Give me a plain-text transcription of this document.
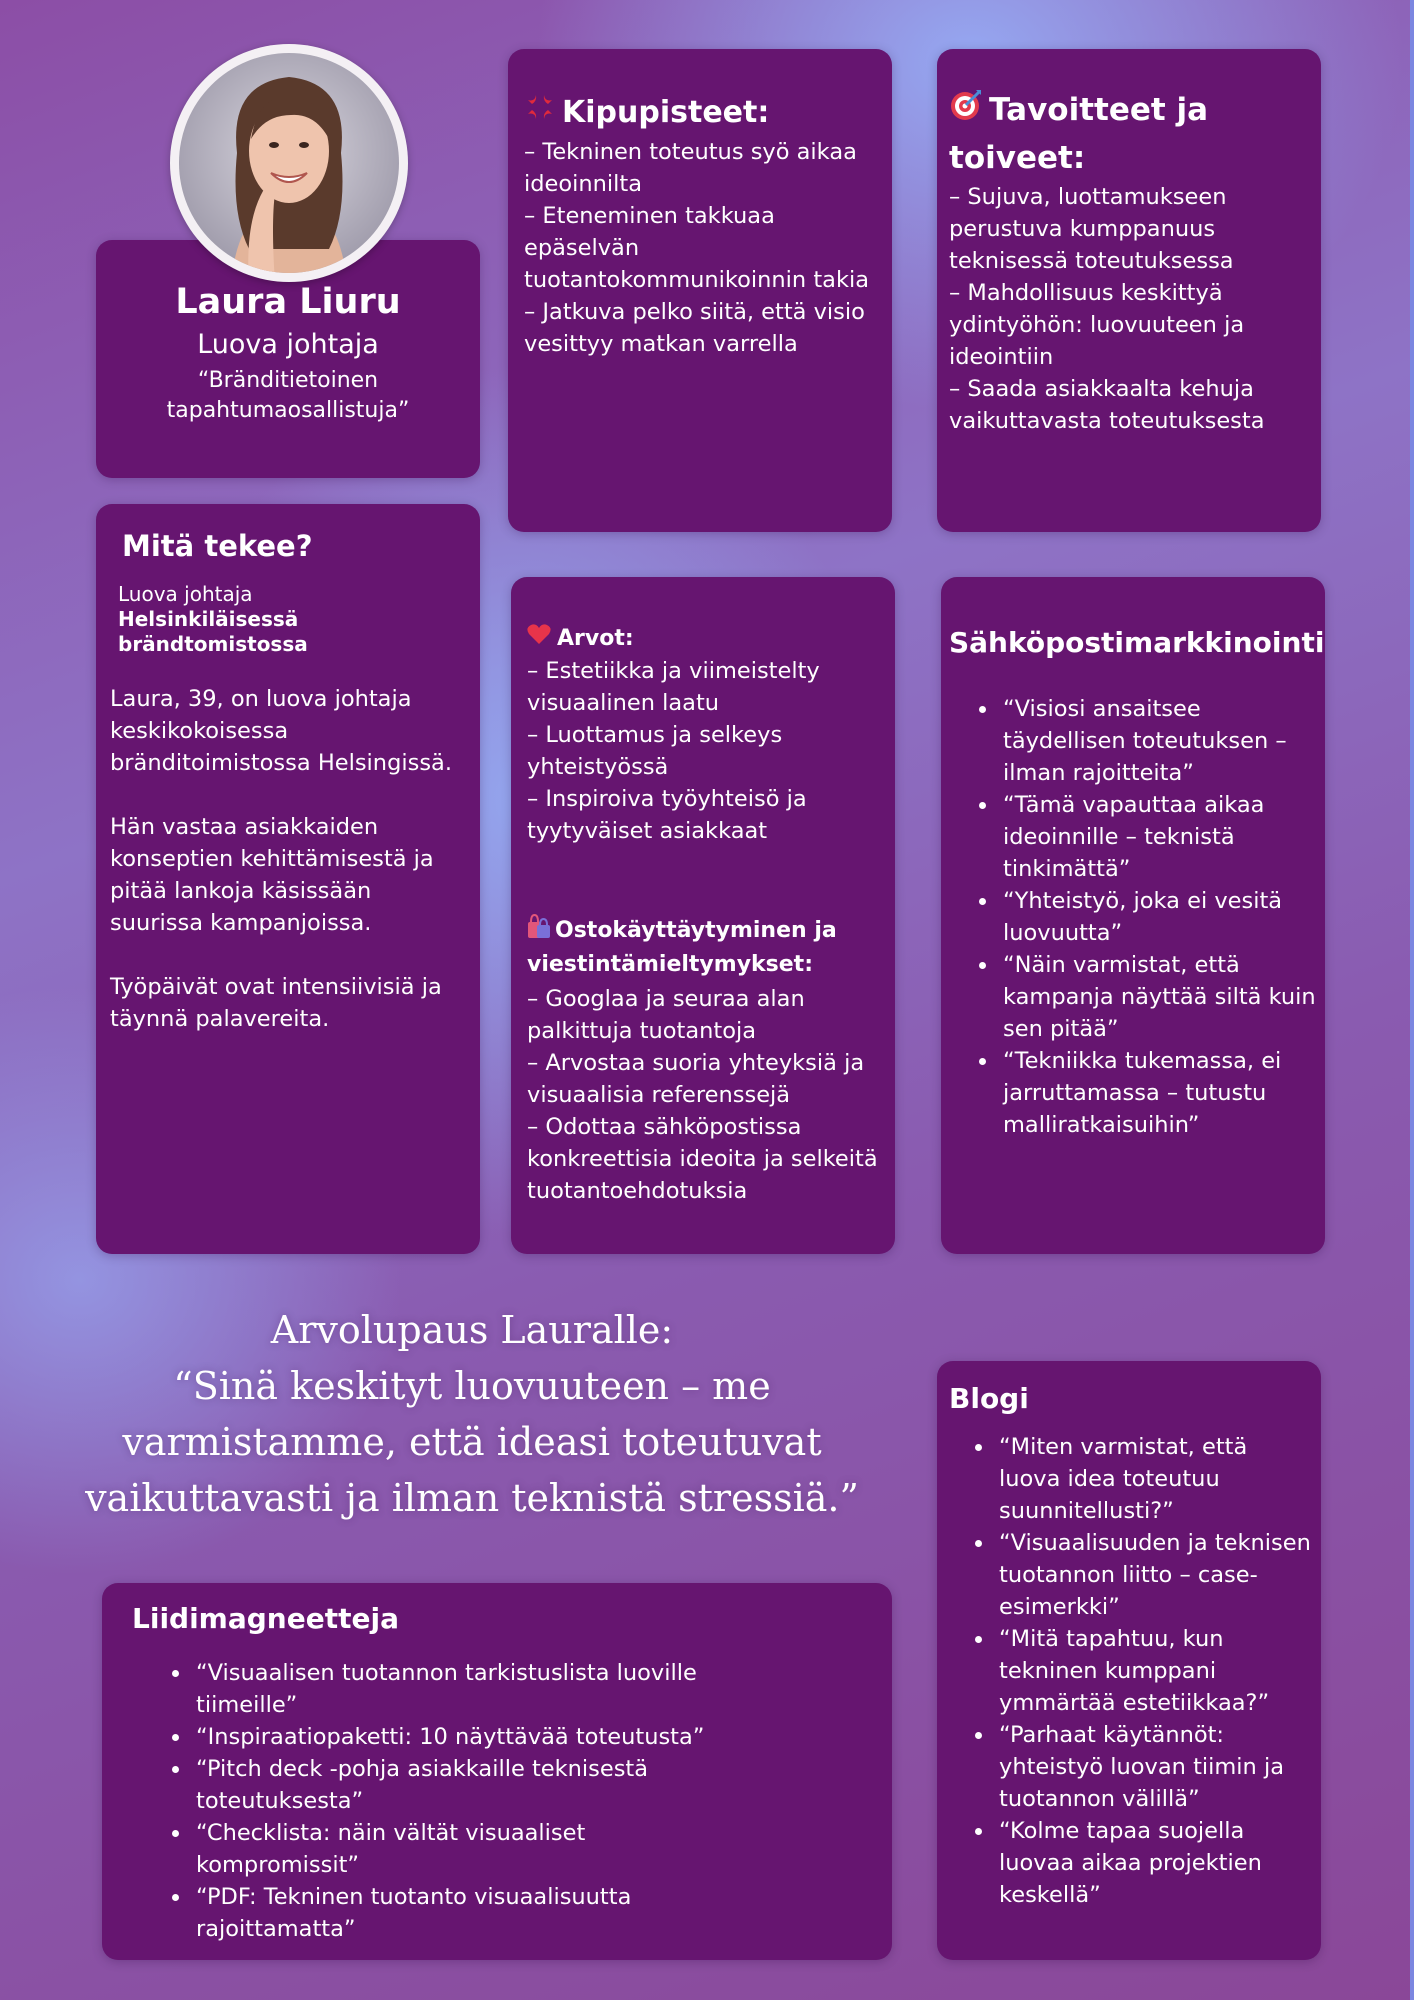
Laura Liuru
Luova johtaja
“Bränditietoinen tapahtumaosallistuja”
Kipupisteet:
– Tekninen toteutus syö aikaa ideoinnilta
– Eteneminen takkuaa epäselvän tuotantokommunikoinnin takia
– Jatkuva pelko siitä, että visio vesittyy matkan varrella
Tavoitteet ja toiveet:
– Sujuva, luottamukseen perustuva kumppanuus teknisessä toteutuksessa
– Mahdollisuus keskittyä ydintyöhön: luovuuteen ja ideointiin
– Saada asiakkaalta kehuja vaikuttavasta toteutuksesta
Mitä tekee?
Luova johtaja
Helsinkiläisessä brändtomistossa
Laura, 39, on luova johtaja keskikokoisessa bränditoimistossa Helsingissä.
Hän vastaa asiakkaiden konseptien kehittämisestä ja pitää lankoja käsissään suurissa kampanjoissa.
Työpäivät ovat intensiivisiä ja täynnä palavereita.
Arvot:
– Estetiikka ja viimeistelty visuaalinen laatu
– Luottamus ja selkeys yhteistyössä
– Inspiroiva työyhteisö ja tyytyväiset asiakkaat
Ostokäyttäytyminen ja viestintämieltymykset:
– Googlaa ja seuraa alan palkittuja tuotantoja
– Arvostaa suoria yhteyksiä ja visuaalisia referenssejä
– Odottaa sähköpostissa konkreettisia ideoita ja selkeitä tuotantoehdotuksia
Sähköpostimarkkinointi
• “Visiosi ansaitsee täydellisen toteutuksen – ilman rajoitteita”
• “Tämä vapauttaa aikaa ideoinnille – teknistä tinkimättä”
• “Yhteistyö, joka ei vesitä luovuutta”
• “Näin varmistat, että kampanja näyttää siltä kuin sen pitää”
• “Tekniikka tukemassa, ei jarruttamassa – tutustu malliratkaisuihin”
Arvolupaus Lauralle:
“Sinä keskityt luovuuteen – me
varmistamme, että ideasi toteutuvat
vaikuttavasti ja ilman teknistä stressiä.”
Blogi
• “Miten varmistat, että luova idea toteutuu suunnitellusti?”
• “Visuaalisuuden ja teknisen tuotannon liitto – case-esimerkki”
• “Mitä tapahtuu, kun tekninen kumppani ymmärtää estetiikkaa?”
• “Parhaat käytännöt: yhteistyö luovan tiimin ja tuotannon välillä”
• “Kolme tapaa suojella luovaa aikaa projektien keskellä”
Liidimagneetteja
• “Visuaalisen tuotannon tarkistuslista luoville tiimeille”
• “Inspiraatiopaketti: 10 näyttävää toteutusta”
• “Pitch deck -pohja asiakkaille teknisestä toteutuksesta”
• “Checklista: näin vältät visuaaliset kompromissit”
• “PDF: Tekninen tuotanto visuaalisuutta rajoittamatta”
